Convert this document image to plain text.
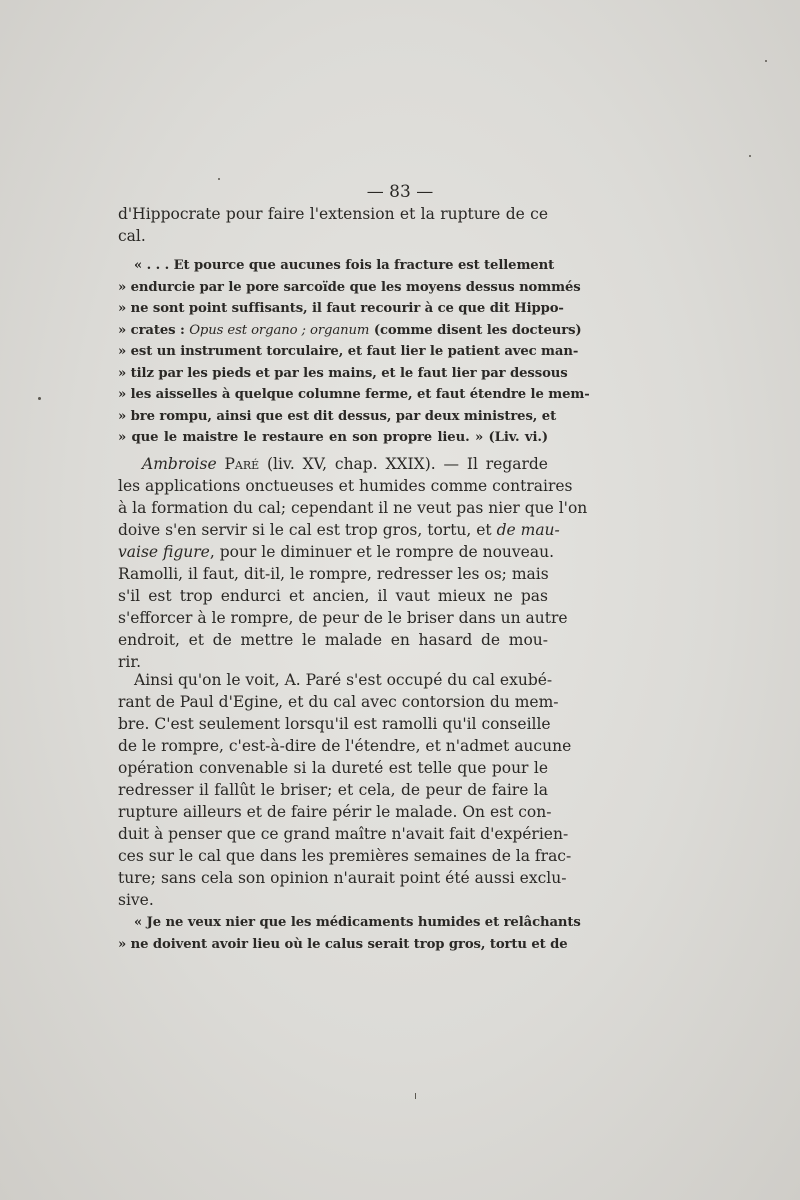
— 83 —
d'Hippocrate pour faire l'extension et la rupture de ce
cal.
« . . . Et pource que aucunes fois la fracture est tellement
» endurcie par le pore sarcoïde que les moyens dessus nommés
» ne sont point suffisants, il faut recourir à ce que dit Hippo-
» crates : Opus est organo ; organum (comme disent les docteurs)
» est un instrument torculaire, et faut lier le patient avec man-
» tilz par les pieds et par les mains, et le faut lier par dessous
» les aisselles à quelque columne ferme, et faut étendre le mem-
» bre rompu, ainsi que est dit dessus, par deux ministres, et
» que le maistre le restaure en son propre lieu. » (Liv. vi.)
Ambroise Paré (liv. XV, chap. XXIX). — Il regarde
les applications onctueuses et humides comme contraires
à la formation du cal; cependant il ne veut pas nier que l'on
doive s'en servir si le cal est trop gros, tortu, et de mau-
vaise figure, pour le diminuer et le rompre de nouveau.
Ramolli, il faut, dit-il, le rompre, redresser les os; mais
s'il est trop endurci et ancien, il vaut mieux ne pas
s'efforcer à le rompre, de peur de le briser dans un autre
endroit, et de mettre le malade en hasard de mou-
rir.
Ainsi qu'on le voit, A. Paré s'est occupé du cal exubé-
rant de Paul d'Egine, et du cal avec contorsion du mem-
bre. C'est seulement lorsqu'il est ramolli qu'il conseille
de le rompre, c'est-à-dire de l'étendre, et n'admet aucune
opération convenable si la dureté est telle que pour le
redresser il fallût le briser; et cela, de peur de faire la
rupture ailleurs et de faire périr le malade. On est con-
duit à penser que ce grand maître n'avait fait d'expérien-
ces sur le cal que dans les premières semaines de la frac-
ture; sans cela son opinion n'aurait point été aussi exclu-
sive.
« Je ne veux nier que les médicaments humides et relâchants
» ne doivent avoir lieu où le calus serait trop gros, tortu et de
